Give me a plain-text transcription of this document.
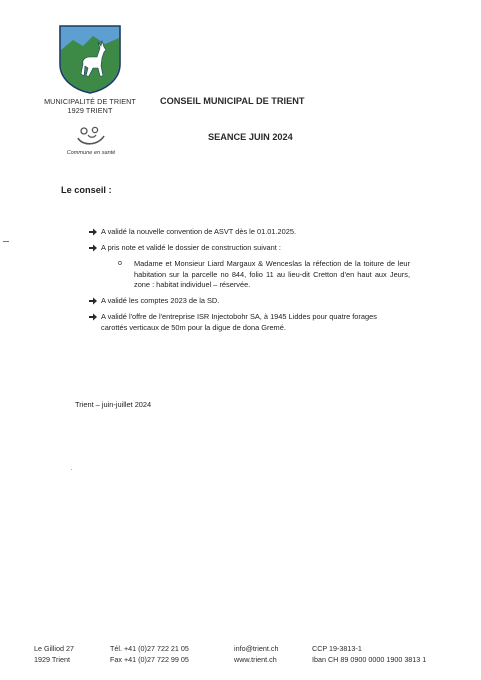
MUNICIPALITÉ DE TRIENT
1929 TRIENT
Commune en santé
CONSEIL MUNICIPAL DE TRIENT
SEANCE JUIN 2024
Le conseil :
A validé la nouvelle convention de ASVT dès le 01.01.2025.
A pris note et validé le dossier de construction suivant :
o Madame et Monsieur Liard Margaux & Wenceslas la réfection de la toiture de leur habitation sur la parcelle no 844, folio 11 au lieu-dit Cretton d'en haut aux Jeurs, zone : habitat individuel – réservée.
A validé les comptes 2023 de la SD.
A validé l'offre de l'entreprise ISR Injectobohr SA, à 1945 Liddes pour quatre forages carottés verticaux de 50m pour la digue de dona Gremé.
Trient – juin-juillet 2024
Le Gilliod 27
1929 Trient
Tél. +41 (0)27 722 21 05
Fax +41 (0)27 722 99 05
info@trient.ch
www.trient.ch
CCP 19-3813-1
Iban CH 89 0900 0000 1900 3813 1
